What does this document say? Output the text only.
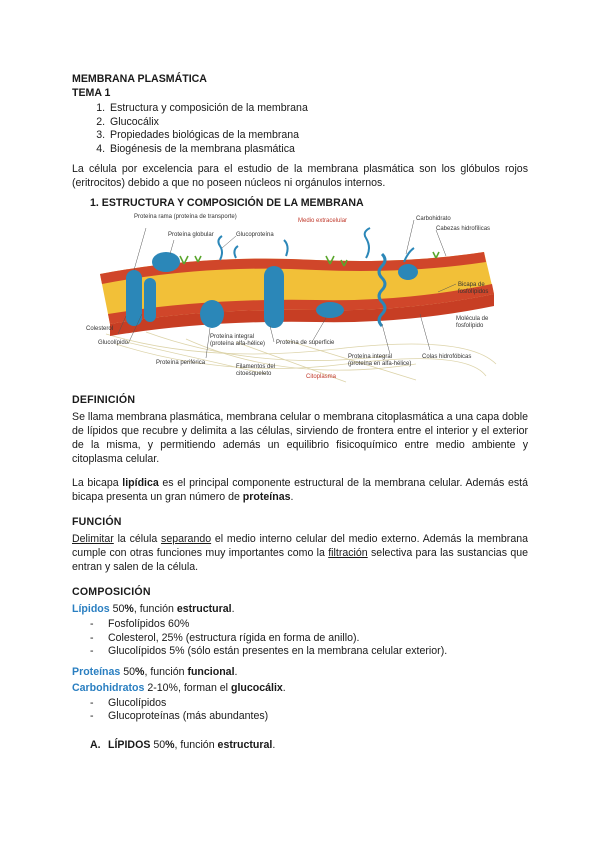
MEMBRANA PLASMÁTICA
TEMA 1
1. Estructura y composición de la membrana
2. Glucocálix
3. Propiedades biológicas de la membrana
4. Biogénesis de la membrana plasmática

La célula por excelencia para el estudio de la membrana plasmática son los glóbulos rojos (eritrocitos) debido a que no poseen núcleos ni orgánulos internos.

1. ESTRUCTURA Y COMPOSICIÓN DE LA MEMBRANA
Proteína rama (proteína de transporte)
Proteína globular	Glucoproteína
Medio extracelular	Carbohidrato
Cabezas hidrofílicas
Bicapa de fosfolípidos
Molécula de fosfolípido
Colesterol
Glucolípido
Proteína integral (proteína alfa-hélice)	Proteína de superficie
Proteína integral (proteína en alfa-hélice)
Colas hidrofóbicas
Proteína periférica
Filamentos del citoesqueleto	Citoplasma
DEFINICIÓN

Se llama membrana plasmática, membrana celular o membrana citoplasmática a una capa doble de lípidos que recubre y delimita a las células, sirviendo de frontera entre el interior y el exterior de la misma, y permitiendo además un equilibrio fisicoquímico entre medio ambiente y citoplasma celular.

La bicapa lipídica es el principal componente estructural de la membrana celular. Además está bicapa presenta un gran número de proteínas.

FUNCIÓN

Delimitar la célula separando el medio interno celular del medio externo. Además la membrana cumple con otras funciones muy importantes como la filtración selectiva para las sustancias que entran y salen de la célula.

COMPOSICIÓN
Lípidos 50%, función estructural.
- Fosfolípidos 60%
- Colesterol, 25% (estructura rígida en forma de anillo).
- Glucolípidos 5% (sólo están presentes en la membrana celular exterior).
Proteínas 50%, función funcional.
Carbohidratos 2-10%, forman el glucocálix.
- Glucolípidos
- Glucoproteínas (más abundantes)
A. LÍPIDOS 50%, función estructural.
